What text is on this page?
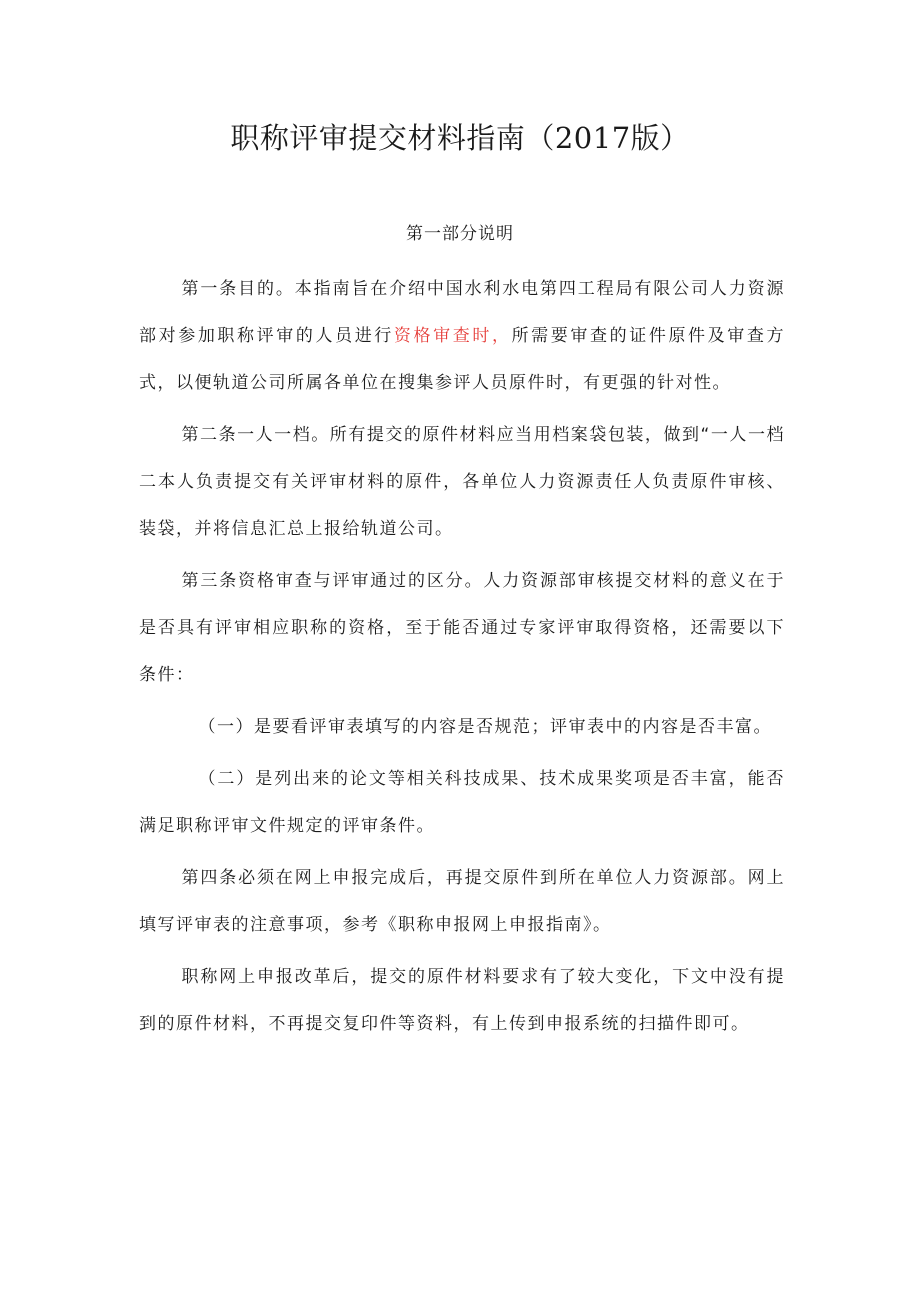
职称评审提交材料指南（2017版）
第一部分说明

第一条目的。本指南旨在介绍中国水利水电第四工程局有限公司人力资源部对参加职称评审的人员进行资格审查时，所需要审查的证件原件及审查方式，以便轨道公司所属各单位在搜集参评人员原件时，有更强的针对性。

第二条一人一档。所有提交的原件材料应当用档案袋包装，做到“一人一档二本人负责提交有关评审材料的原件，各单位人力资源责任人负责原件审核、装袋，并将信息汇总上报给轨道公司。

第三条资格审查与评审通过的区分。人力资源部审核提交材料的意义在于是否具有评审相应职称的资格，至于能否通过专家评审取得资格，还需要以下条件：

（一）是要看评审表填写的内容是否规范；评审表中的内容是否丰富。

（二）是列出来的论文等相关科技成果、技术成果奖项是否丰富，能否满足职称评审文件规定的评审条件。

第四条必须在网上申报完成后，再提交原件到所在单位人力资源部。网上填写评审表的注意事项，参考《职称申报网上申报指南》。

职称网上申报改革后，提交的原件材料要求有了较大变化，下文中没有提到的原件材料，不再提交复印件等资料，有上传到申报系统的扫描件即可。
